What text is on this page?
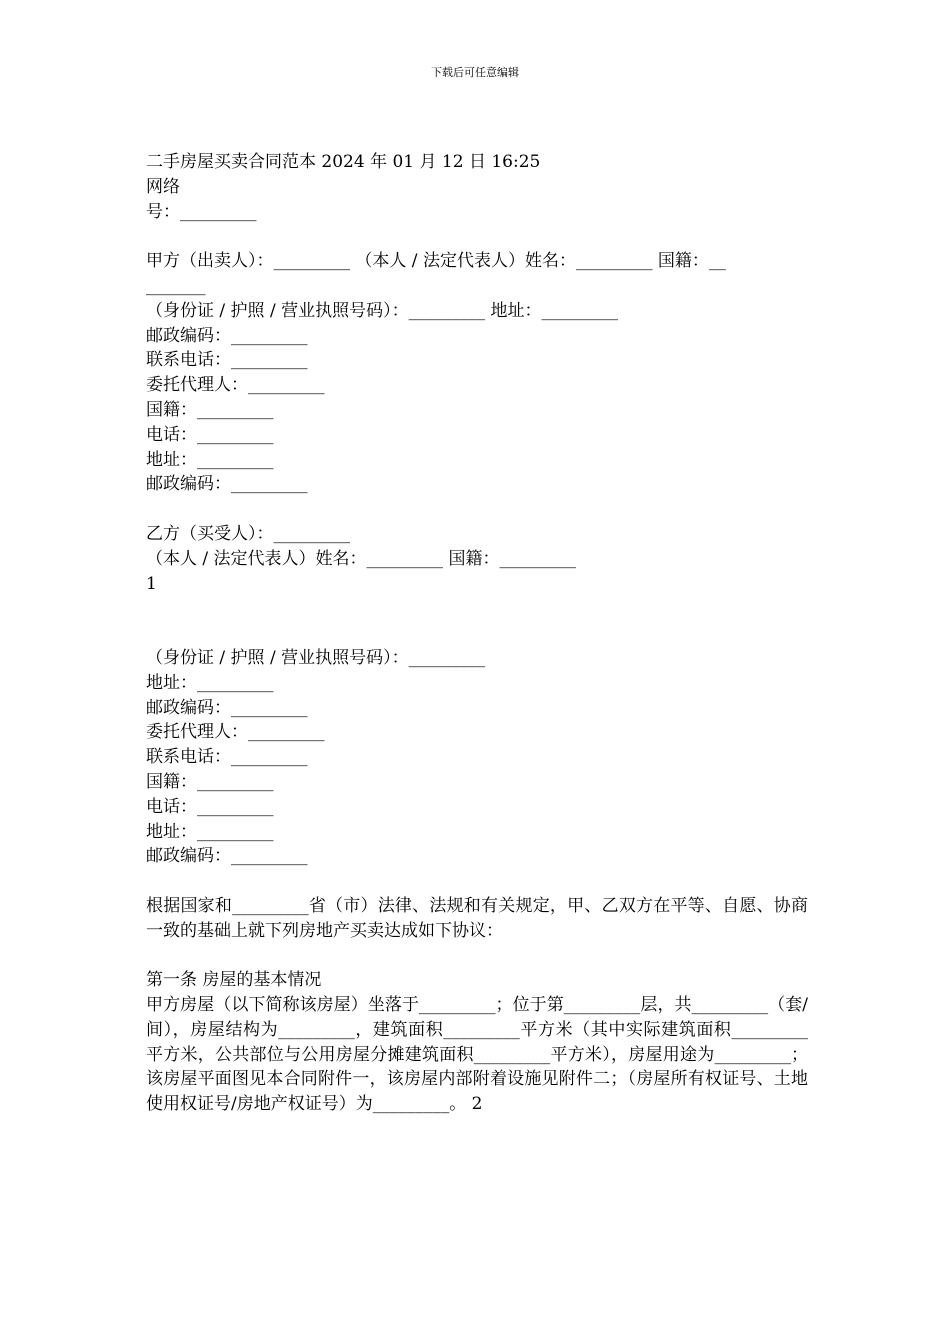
下载后可任意编辑
二手房屋买卖合同范本 2024 年 01 月 12 日 16:25
网络
号：_________
甲方（出卖人）：_________ （本人 / 法定代表人）姓名：_________ 国籍：__
_______
（身份证 / 护照 / 营业执照号码）：_________ 地址：_________
邮政编码：_________
联系电话：_________
委托代理人：_________
国籍：_________
电话：_________
地址：_________
邮政编码：_________
乙方（买受人）：_________
（本人 / 法定代表人）姓名：_________ 国籍：_________
1
（身份证 / 护照 / 营业执照号码）：_________
地址：_________
邮政编码：_________
委托代理人：_________
联系电话：_________
国籍：_________
电话：_________
地址：_________
邮政编码：_________
根据国家和_________省（市）法律、法规和有关规定，甲、乙双方在平等、自愿、协商一致的基础上就下列房地产买卖达成如下协议：
第一条 房屋的基本情况
甲方房屋（以下简称该房屋）坐落于_________；位于第_________层，共_________（套/间），房屋结构为_________，建筑面积_________平方米（其中实际建筑面积_________平方米，公共部位与公用房屋分摊建筑面积_________平方米），房屋用途为_________；该房屋平面图见本合同附件一，该房屋内部附着设施见附件二；（房屋所有权证号、土地使用权证号/房地产权证号）为_________。 2
